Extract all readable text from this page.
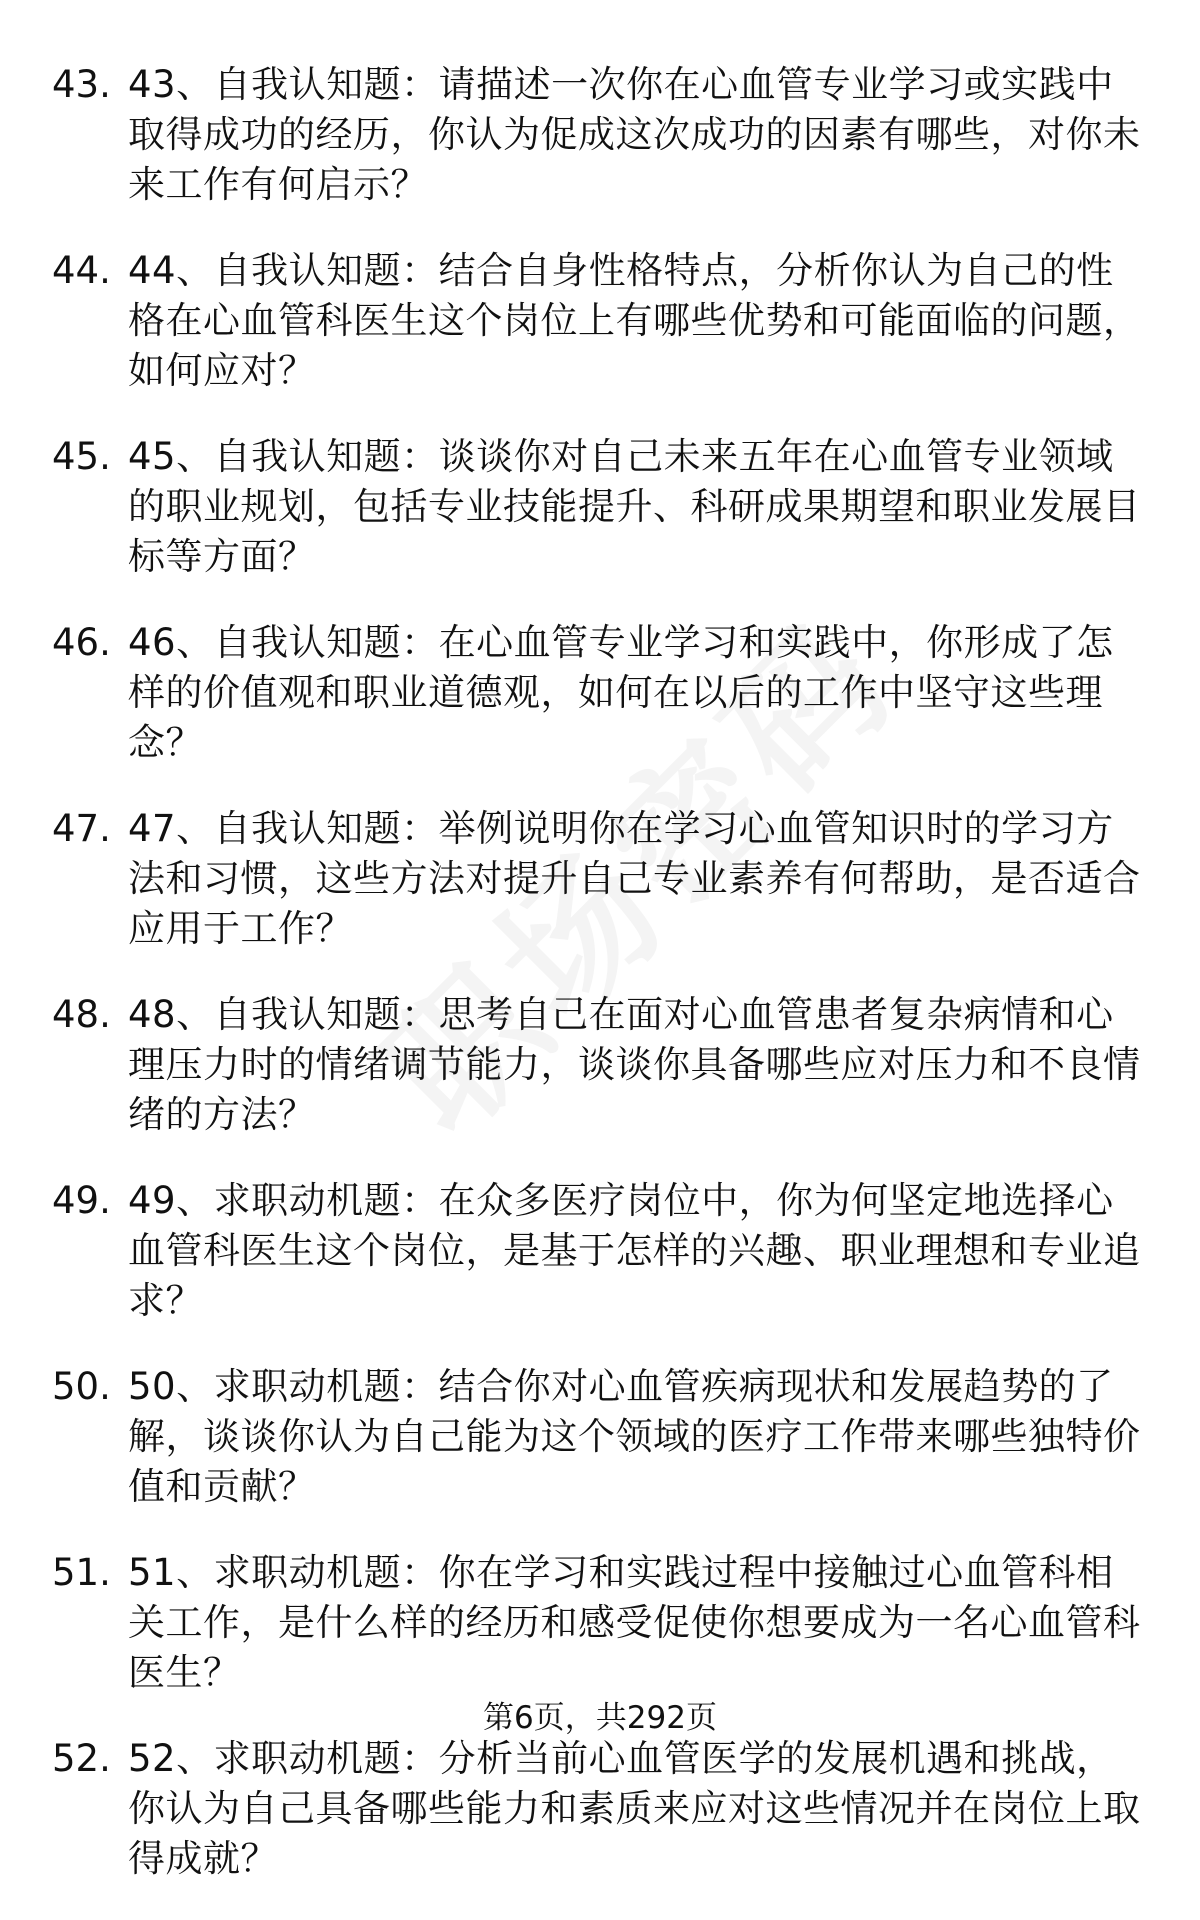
43. 43、自我认知题：请描述一次你在心血管专业学习或实践中取得成功的经历，你认为促成这次成功的因素有哪些，对你未来工作有何启示？
44. 44、自我认知题：结合自身性格特点，分析你认为自己的性格在心血管科医生这个岗位上有哪些优势和可能面临的问题，如何应对？
45. 45、自我认知题：谈谈你对自己未来五年在心血管专业领域的职业规划，包括专业技能提升、科研成果期望和职业发展目标等方面？
46. 46、自我认知题：在心血管专业学习和实践中，你形成了怎样的价值观和职业道德观，如何在以后的工作中坚守这些理念？
47. 47、自我认知题：举例说明你在学习心血管知识时的学习方法和习惯，这些方法对提升自己专业素养有何帮助，是否适合应用于工作？
48. 48、自我认知题：思考自己在面对心血管患者复杂病情和心理压力时的情绪调节能力，谈谈你具备哪些应对压力和不良情绪的方法？
49. 49、求职动机题：在众多医疗岗位中，你为何坚定地选择心血管科医生这个岗位，是基于怎样的兴趣、职业理想和专业追求？
50. 50、求职动机题：结合你对心血管疾病现状和发展趋势的了解，谈谈你认为自己能为这个领域的医疗工作带来哪些独特价值和贡献？
51. 51、求职动机题：你在学习和实践过程中接触过心血管科相关工作，是什么样的经历和感受促使你想要成为一名心血管科医生？
52. 52、求职动机题：分析当前心血管医学的发展机遇和挑战，你认为自己具备哪些能力和素质来应对这些情况并在岗位上取得成就？
第6页，共292页
